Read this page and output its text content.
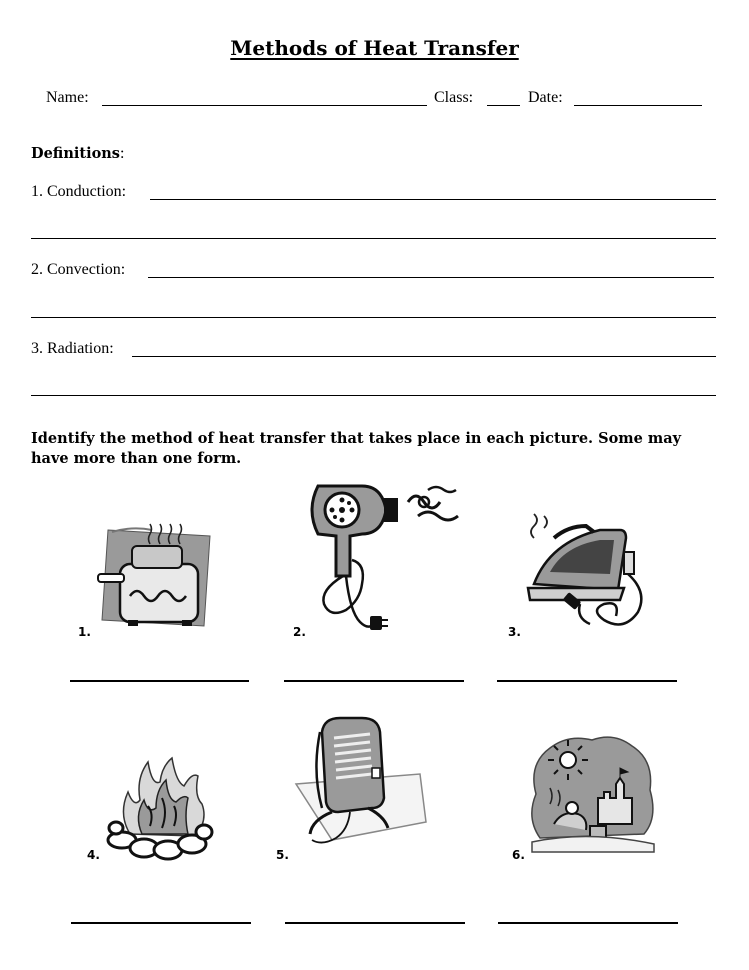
Methods of Heat Transfer
Name:	Class:	Date:
Definitions:
1. Conduction:
2. Convection:
3. Radiation:
Identify the method of heat transfer that takes place in each picture. Some may
have more than one form.
1.	2.	3.
4.	5.	6.
